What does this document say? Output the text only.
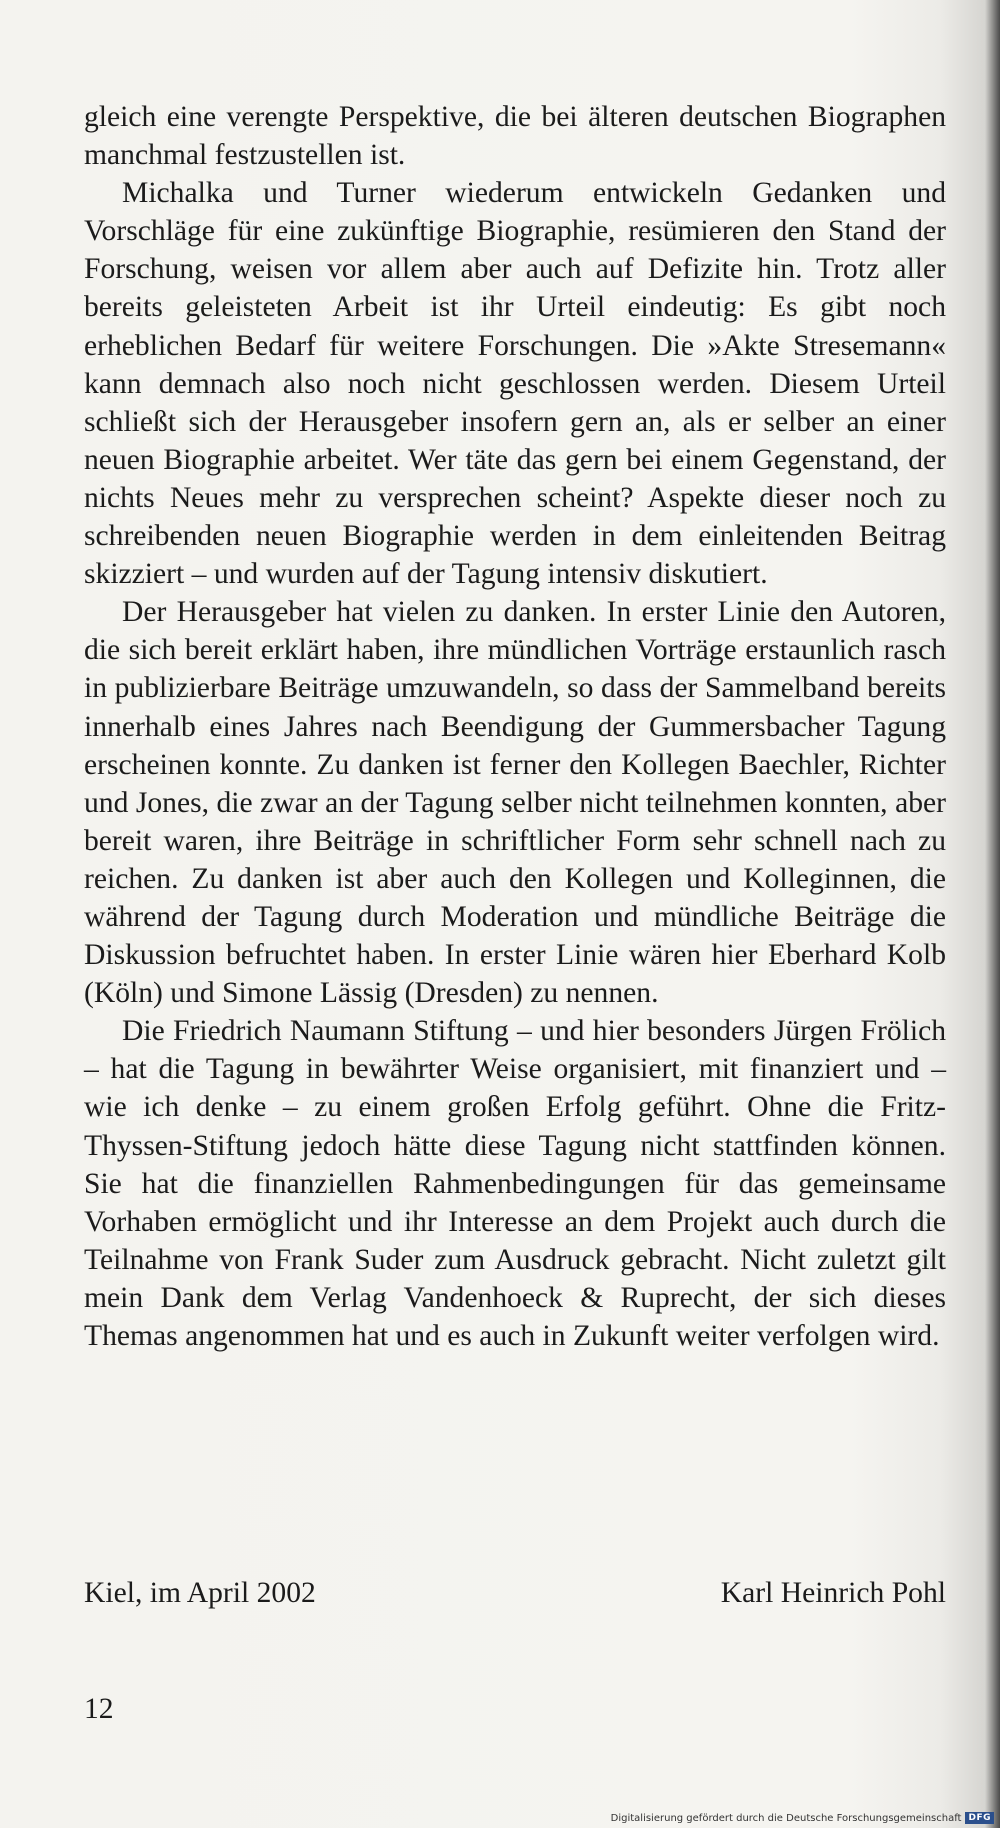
gleich eine verengte Perspektive, die bei älteren deutschen Biographen manchmal festzustellen ist.

Michalka und Turner wiederum entwickeln Gedanken und Vorschläge für eine zukünftige Biographie, resümieren den Stand der Forschung, weisen vor allem aber auch auf Defizite hin. Trotz aller bereits geleisteten Arbeit ist ihr Urteil eindeutig: Es gibt noch erheblichen Bedarf für weitere Forschungen. Die »Akte Stresemann« kann demnach also noch nicht geschlossen werden. Diesem Urteil schließt sich der Herausgeber insofern gern an, als er selber an einer neuen Biographie arbeitet. Wer täte das gern bei einem Gegenstand, der nichts Neues mehr zu versprechen scheint? Aspekte dieser noch zu schreibenden neuen Biographie werden in dem einleitenden Beitrag skizziert – und wurden auf der Tagung intensiv diskutiert.

Der Herausgeber hat vielen zu danken. In erster Linie den Autoren, die sich bereit erklärt haben, ihre mündlichen Vorträge erstaunlich rasch in publizierbare Beiträge umzuwandeln, so dass der Sammelband bereits innerhalb eines Jahres nach Beendigung der Gummersbacher Tagung erscheinen konnte. Zu danken ist ferner den Kollegen Baechler, Richter und Jones, die zwar an der Tagung selber nicht teilnehmen konnten, aber bereit waren, ihre Beiträge in schriftlicher Form sehr schnell nach zu reichen. Zu danken ist aber auch den Kollegen und Kolleginnen, die während der Tagung durch Moderation und mündliche Beiträge die Diskussion befruchtet haben. In erster Linie wären hier Eberhard Kolb (Köln) und Simone Lässig (Dresden) zu nennen.

Die Friedrich Naumann Stiftung – und hier besonders Jürgen Frölich – hat die Tagung in bewährter Weise organisiert, mit finanziert und – wie ich denke – zu einem großen Erfolg geführt. Ohne die Fritz-Thyssen-Stiftung jedoch hätte diese Tagung nicht stattfinden können. Sie hat die finanziellen Rahmenbedingungen für das gemeinsame Vorhaben ermöglicht und ihr Interesse an dem Projekt auch durch die Teilnahme von Frank Suder zum Ausdruck gebracht. Nicht zuletzt gilt mein Dank dem Verlag Vandenhoeck & Ruprecht, der sich dieses Themas angenommen hat und es auch in Zukunft weiter verfolgen wird.

Kiel, im April 2002	Karl Heinrich Pohl
12
Digitalisierung gefördert durch die Deutsche Forschungsgemeinschaft DFG
